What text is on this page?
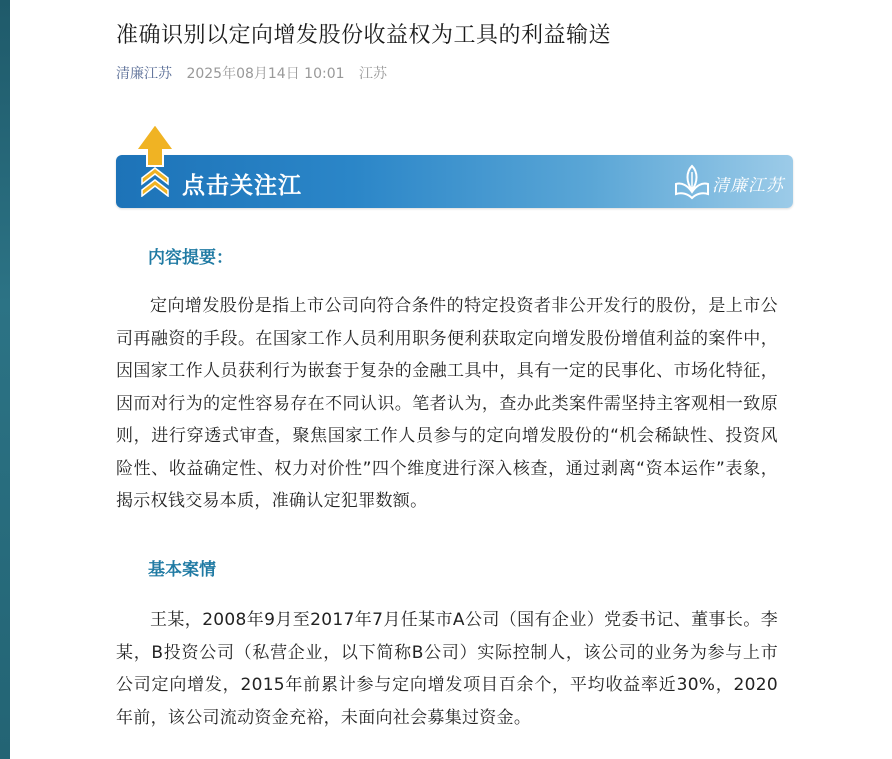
准确识别以定向增发股份收益权为工具的利益输送
清廉江苏 2025年08月14日 10:01 江苏
点击关注江	清廉江苏
内容提要：
定向增发股份是指上市公司向符合条件的特定投资者非公开发行的股份，是上市公司再融资的手段。在国家工作人员利用职务便利获取定向增发股份增值利益的案件中，因国家工作人员获利行为嵌套于复杂的金融工具中，具有一定的民事化、市场化特征，因而对行为的定性容易存在不同认识。笔者认为，查办此类案件需坚持主客观相一致原则，进行穿透式审查，聚焦国家工作人员参与的定向增发股份的“机会稀缺性、投资风险性、收益确定性、权力对价性”四个维度进行深入核查，通过剥离“资本运作”表象，揭示权钱交易本质，准确认定犯罪数额。
基本案情
王某，2008年9月至2017年7月任某市A公司（国有企业）党委书记、董事长。李某，B投资公司（私营企业，以下简称B公司）实际控制人，该公司的业务为参与上市公司定向增发，2015年前累计参与定向增发项目百余个，平均收益率近30%，2020年前，该公司流动资金充裕，未面向社会募集过资金。
